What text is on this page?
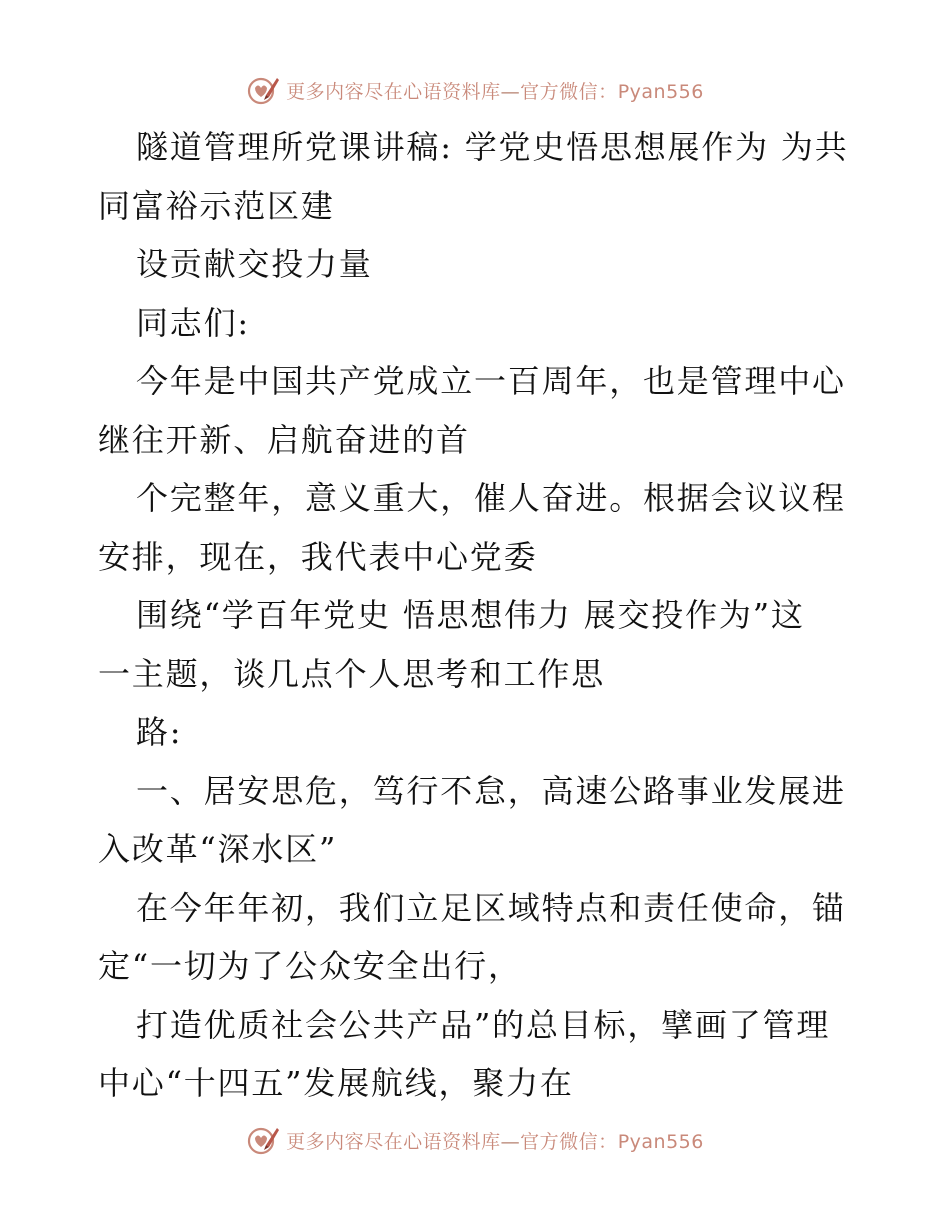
更多内容尽在心语资料库—官方微信：Pyan556

隧道管理所党课讲稿: 学党史悟思想展作为 为共
同富裕示范区建

设贡献交投力量

同志们:

今年是中国共产党成立一百周年，也是管理中心
继往开新、启航奋进的首

个完整年，意义重大，催人奋进。根据会议议程
安排，现在，我代表中心党委

围绕“学百年党史 悟思想伟力 展交投作为”这
一主题，谈几点个人思考和工作思

路:

一、居安思危，笃行不怠，高速公路事业发展进
入改革“深水区”

在今年年初，我们立足区域特点和责任使命，锚
定“一切为了公众安全出行，

打造优质社会公共产品”的总目标，擘画了管理
中心“十四五”发展航线，聚力在

更多内容尽在心语资料库—官方微信：Pyan556
